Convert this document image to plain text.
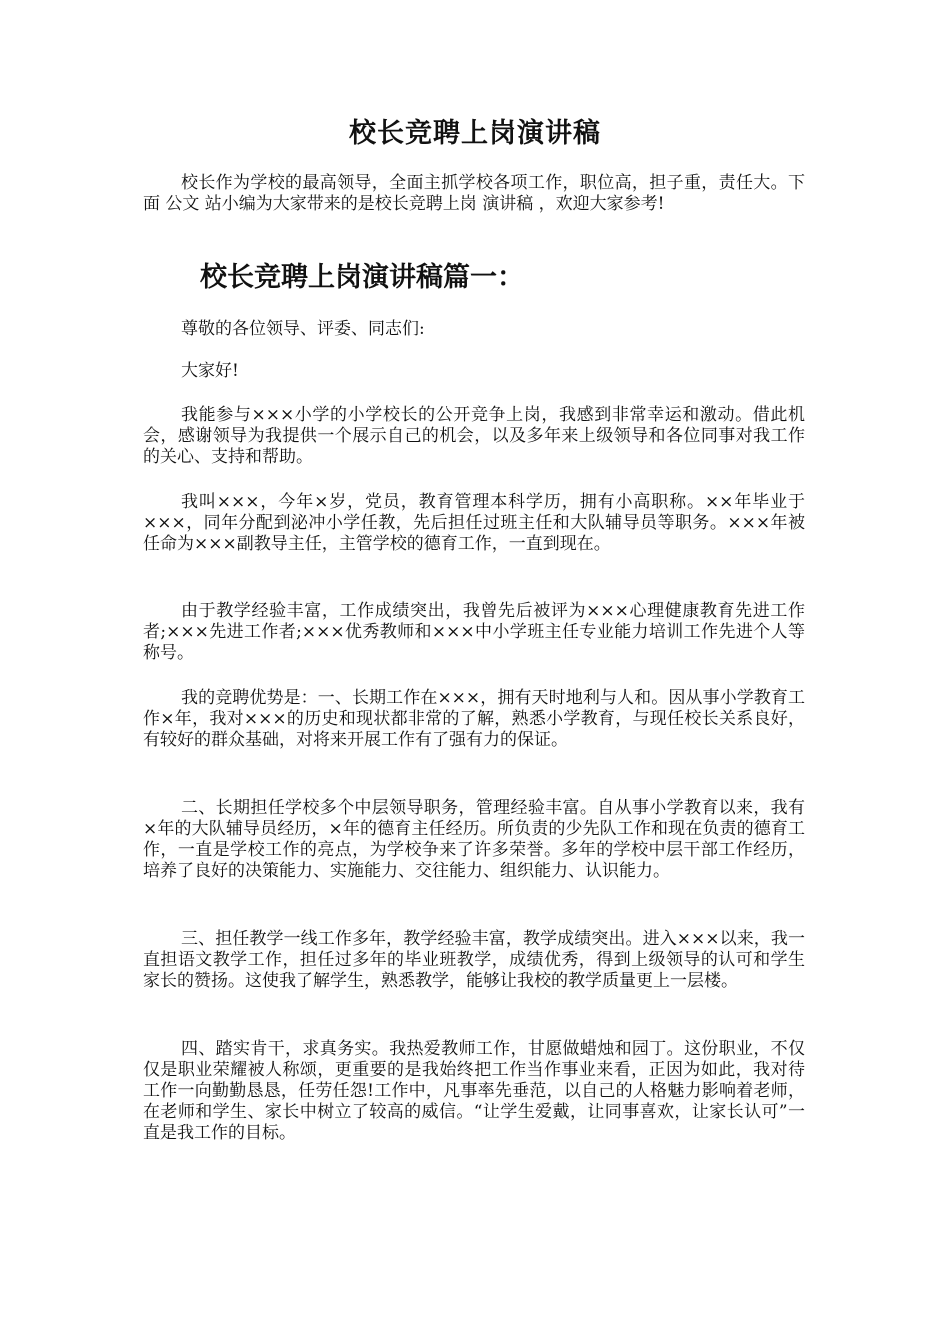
校长竞聘上岗演讲稿

校长作为学校的最高领导，全面主抓学校各项工作，职位高，担子重，责任大。下面 公文 站小编为大家带来的是校长竞聘上岗 演讲稿 ，欢迎大家参考!

校长竞聘上岗演讲稿篇一：

尊敬的各位领导、评委、同志们:

大家好!

我能参与×××小学的小学校长的公开竞争上岗，我感到非常幸运和激动。借此机会，感谢领导为我提供一个展示自己的机会，以及多年来上级领导和各位同事对我工作的关心、支持和帮助。

我叫×××，今年×岁，党员，教育管理本科学历，拥有小高职称。××年毕业于×××，同年分配到泌冲小学任教，先后担任过班主任和大队辅导员等职务。×××年被任命为×××副教导主任，主管学校的德育工作，一直到现在。

由于教学经验丰富，工作成绩突出，我曾先后被评为×××心理健康教育先进工作者;×××先进工作者;×××优秀教师和×××中小学班主任专业能力培训工作先进个人等称号。

我的竞聘优势是：一、长期工作在×××，拥有天时地利与人和。因从事小学教育工作×年，我对×××的历史和现状都非常的了解，熟悉小学教育，与现任校长关系良好，有较好的群众基础，对将来开展工作有了强有力的保证。

二、长期担任学校多个中层领导职务，管理经验丰富。自从事小学教育以来，我有×年的大队辅导员经历，×年的德育主任经历。所负责的少先队工作和现在负责的德育工作，一直是学校工作的亮点，为学校争来了许多荣誉。多年的学校中层干部工作经历，培养了良好的决策能力、实施能力、交往能力、组织能力、认识能力。

三、担任教学一线工作多年，教学经验丰富，教学成绩突出。进入×××以来，我一直担语文教学工作，担任过多年的毕业班教学，成绩优秀，得到上级领导的认可和学生家长的赞扬。这使我了解学生，熟悉教学，能够让我校的教学质量更上一层楼。

四、踏实肯干，求真务实。我热爱教师工作，甘愿做蜡烛和园丁。这份职业，不仅仅是职业荣耀被人称颂，更重要的是我始终把工作当作事业来看，正因为如此，我对待工作一向勤勤恳恳，任劳任怨!工作中，凡事率先垂范，以自己的人格魅力影响着老师，在老师和学生、家长中树立了较高的威信。“让学生爱戴，让同事喜欢，让家长认可”一直是我工作的目标。
